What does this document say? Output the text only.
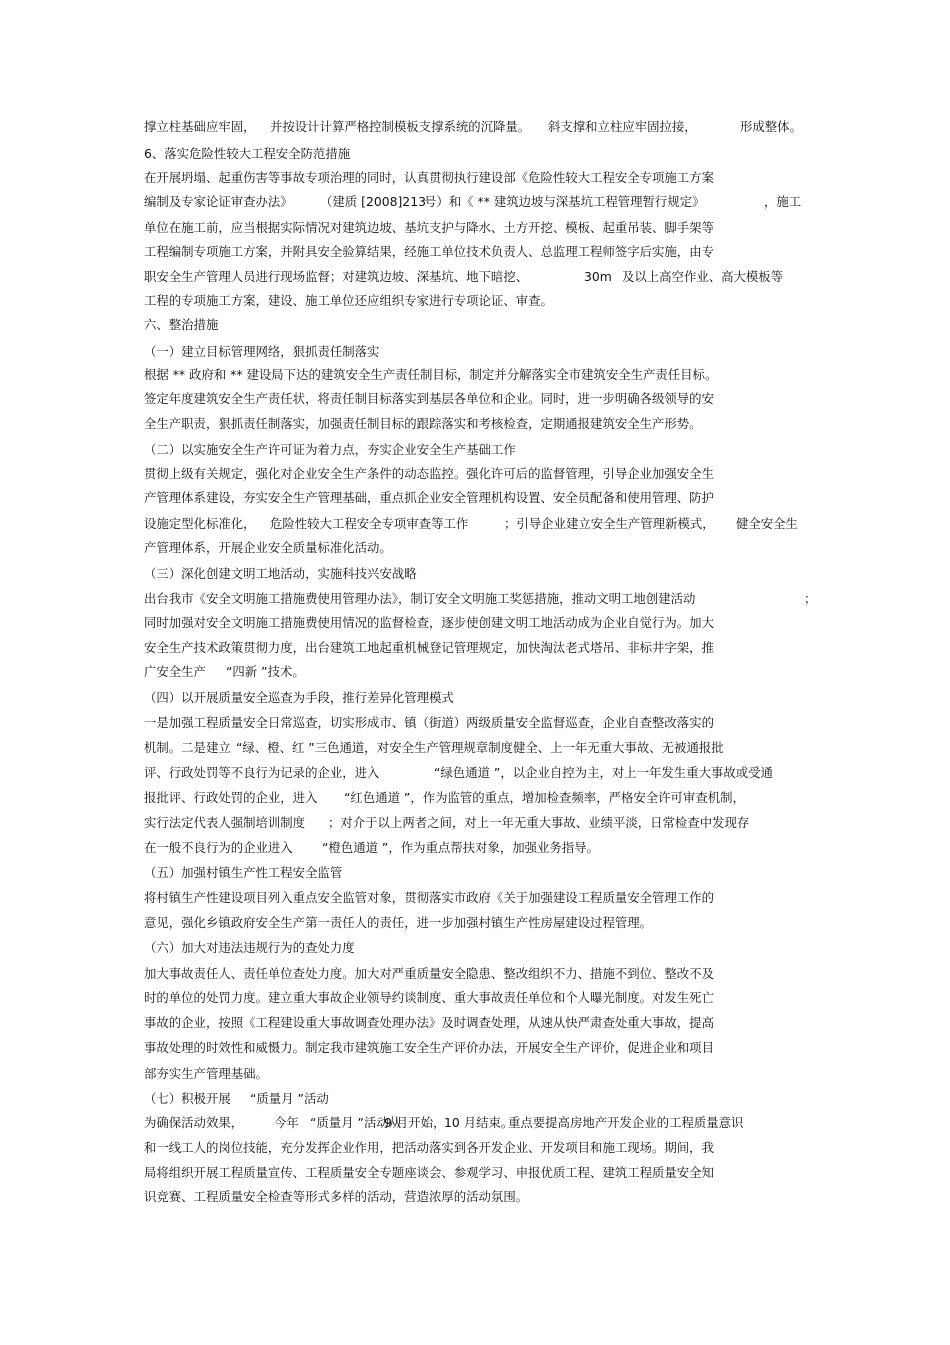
撑立柱基础应牢固， 并按设计计算严格控制模板支撑系统的沉降量。 斜支撑和立柱应牢固拉接，	形成整体。
6、落实危险性较大工程安全防范措施
在开展坍塌、起重伤害等事故专项治理的同时，认真贯彻执行建设部《危险性较大工程安全专项施工方案
编制及专家论证审查办法》 （建质 [2008]213
号）和《 ** 建筑边坡与深基坑工程管理暂行规定》	，施工
单位在施工前，应当根据实际情况对建筑边坡、基坑支护与降水、土方开挖、模板、起重吊装、脚手架等
工程编制专项施工方案，并附具安全验算结果，经施工单位技术负责人、总监理工程师签字后实施，由专
职安全生产管理人员进行现场监督；对建筑边坡、深基坑、地下暗挖、	30m 及以上高空作业、高大模板等
工程的专项施工方案，建设、施工单位还应组织专家进行专项论证、审查。
六、整治措施
（一）建立目标管理网络，狠抓责任制落实
根据 ** 政府和 ** 建设局下达的建筑安全生产责任制目标，制定并分解落实全市建筑安全生产责任目标。
签定年度建筑安全生产责任状，将责任制目标落实到基层各单位和企业。同时，进一步明确各级领导的安
全生产职责，狠抓责任制落实，加强责任制目标的跟踪落实和考核检查，定期通报建筑安全生产形势。
（二）以实施安全生产许可证为着力点，夯实企业安全生产基础工作
贯彻上级有关规定，强化对企业安全生产条件的动态监控。强化许可后的监督管理，引导企业加强安全生
产管理体系建设，夯实安全生产管理基础，重点抓企业安全管理机构设置、安全员配备和使用管理、防护
设施定型化标准化， 危险性较大工程安全专项审查等工作	；引导企业建立安全生产管理新模式， 健全安全生
产管理体系，开展企业安全质量标准化活动。
（三）深化创建文明工地活动，实施科技兴安战略
出台我市《安全文明施工措施费使用管理办法》，制订安全文明施工奖惩措施，推动文明工地创建活动	；
同时加强对安全文明施工措施费使用情况的监督检查，逐步使创建文明工地活动成为企业自觉行为。加大
安全生产技术政策贯彻力度，出台建筑工地起重机械登记管理规定，加快淘汰老式塔吊、非标井字架，推
广安全生产 “四新 ”技术。
（四）以开展质量安全巡查为手段，推行差异化管理模式
一是加强工程质量安全日常巡查，切实形成市、镇（街道）两级质量安全监督巡查，企业自查整改落实的
机制。二是建立 “绿、橙、红 ”三色通道，对安全生产管理规章制度健全、上一年无重大事故、无被通报批
评、行政处罚等不良行为记录的企业，进入	“绿色通道 ”，以企业自控为主，对上一年发生重大事故或受通
报批评、行政处罚的企业，进入 “红色通道 ”，作为监管的重点，增加检查频率，严格安全许可审查机制，
实行法定代表人强制培训制度 ；对介于以上两者之间，对上一年无重大事故、业绩平淡，日常检查中发现存
在一般不良行为的企业进入 “橙色通道 ”，作为重点帮扶对象，加强业务指导。
（五）加强村镇生产性工程安全监管
将村镇生产性建设项目列入重点安全监管对象，贯彻落实市政府《关于加强建设工程质量安全管理工作的
意见，强化乡镇政府安全生产第一责任人的责任，进一步加强村镇生产性房屋建设过程管理。
（六）加大对违法违规行为的查处力度
加大事故责任人、责任单位查处力度。加大对严重质量安全隐患、整改组织不力、措施不到位、整改不及
时的单位的处罚力度。建立重大事故企业领导约谈制度、重大事故责任单位和个人曝光制度。对发生死亡
事故的企业，按照《工程建设重大事故调查处理办法》及时调查处理，从速从快严肃查处重大事故，提高
事故处理的时效性和威慑力。制定我市建筑施工安全生产评价办法，开展安全生产评价，促进企业和项目
部夯实生产管理基础。
（七）积极开展 “质量月 ”活动
为确保活动效果， 今年 “质量月 ”活动从
9 月开始，
10 月结束。
重点要提高房地产开发企业的工程质量意识
和一线工人的岗位技能，充分发挥企业作用，把活动落实到各开发企业、开发项目和施工现场。期间，我
局将组织开展工程质量宣传、工程质量安全专题座谈会、参观学习、申报优质工程、建筑工程质量安全知
识竞赛、工程质量安全检查等形式多样的活动，营造浓厚的活动氛围。
